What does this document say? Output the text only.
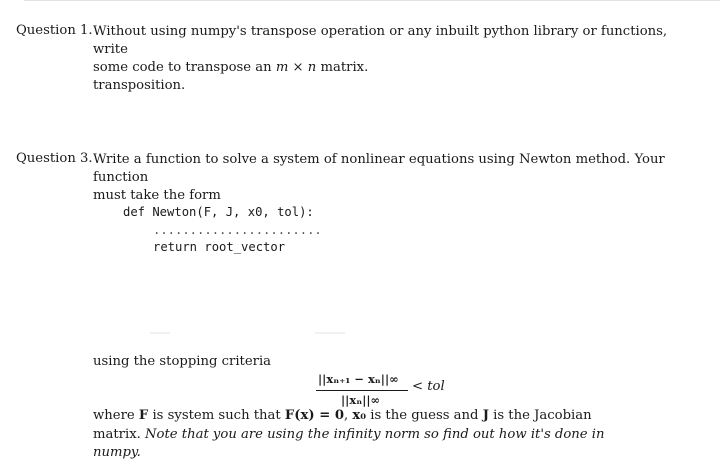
Question 1. Without using numpy's transpose operation or any inbuilt python library or functions, write
some code to transpose an m × n matrix.
transposition.
Question 3. Write a function to solve a system of nonlinear equations using Newton method. Your function
must take the form
def Newton(F, J, x0, tol):
.......................
return root_vector
using the stopping criteria
||xₙ₊₁ − xₙ||∞
||xₙ||∞
< tol
where F is system such that F(x) = 0, x₀ is the guess and J is the Jacobian
matrix. Note that you are using the infinity norm so find out how it's done in
numpy.
